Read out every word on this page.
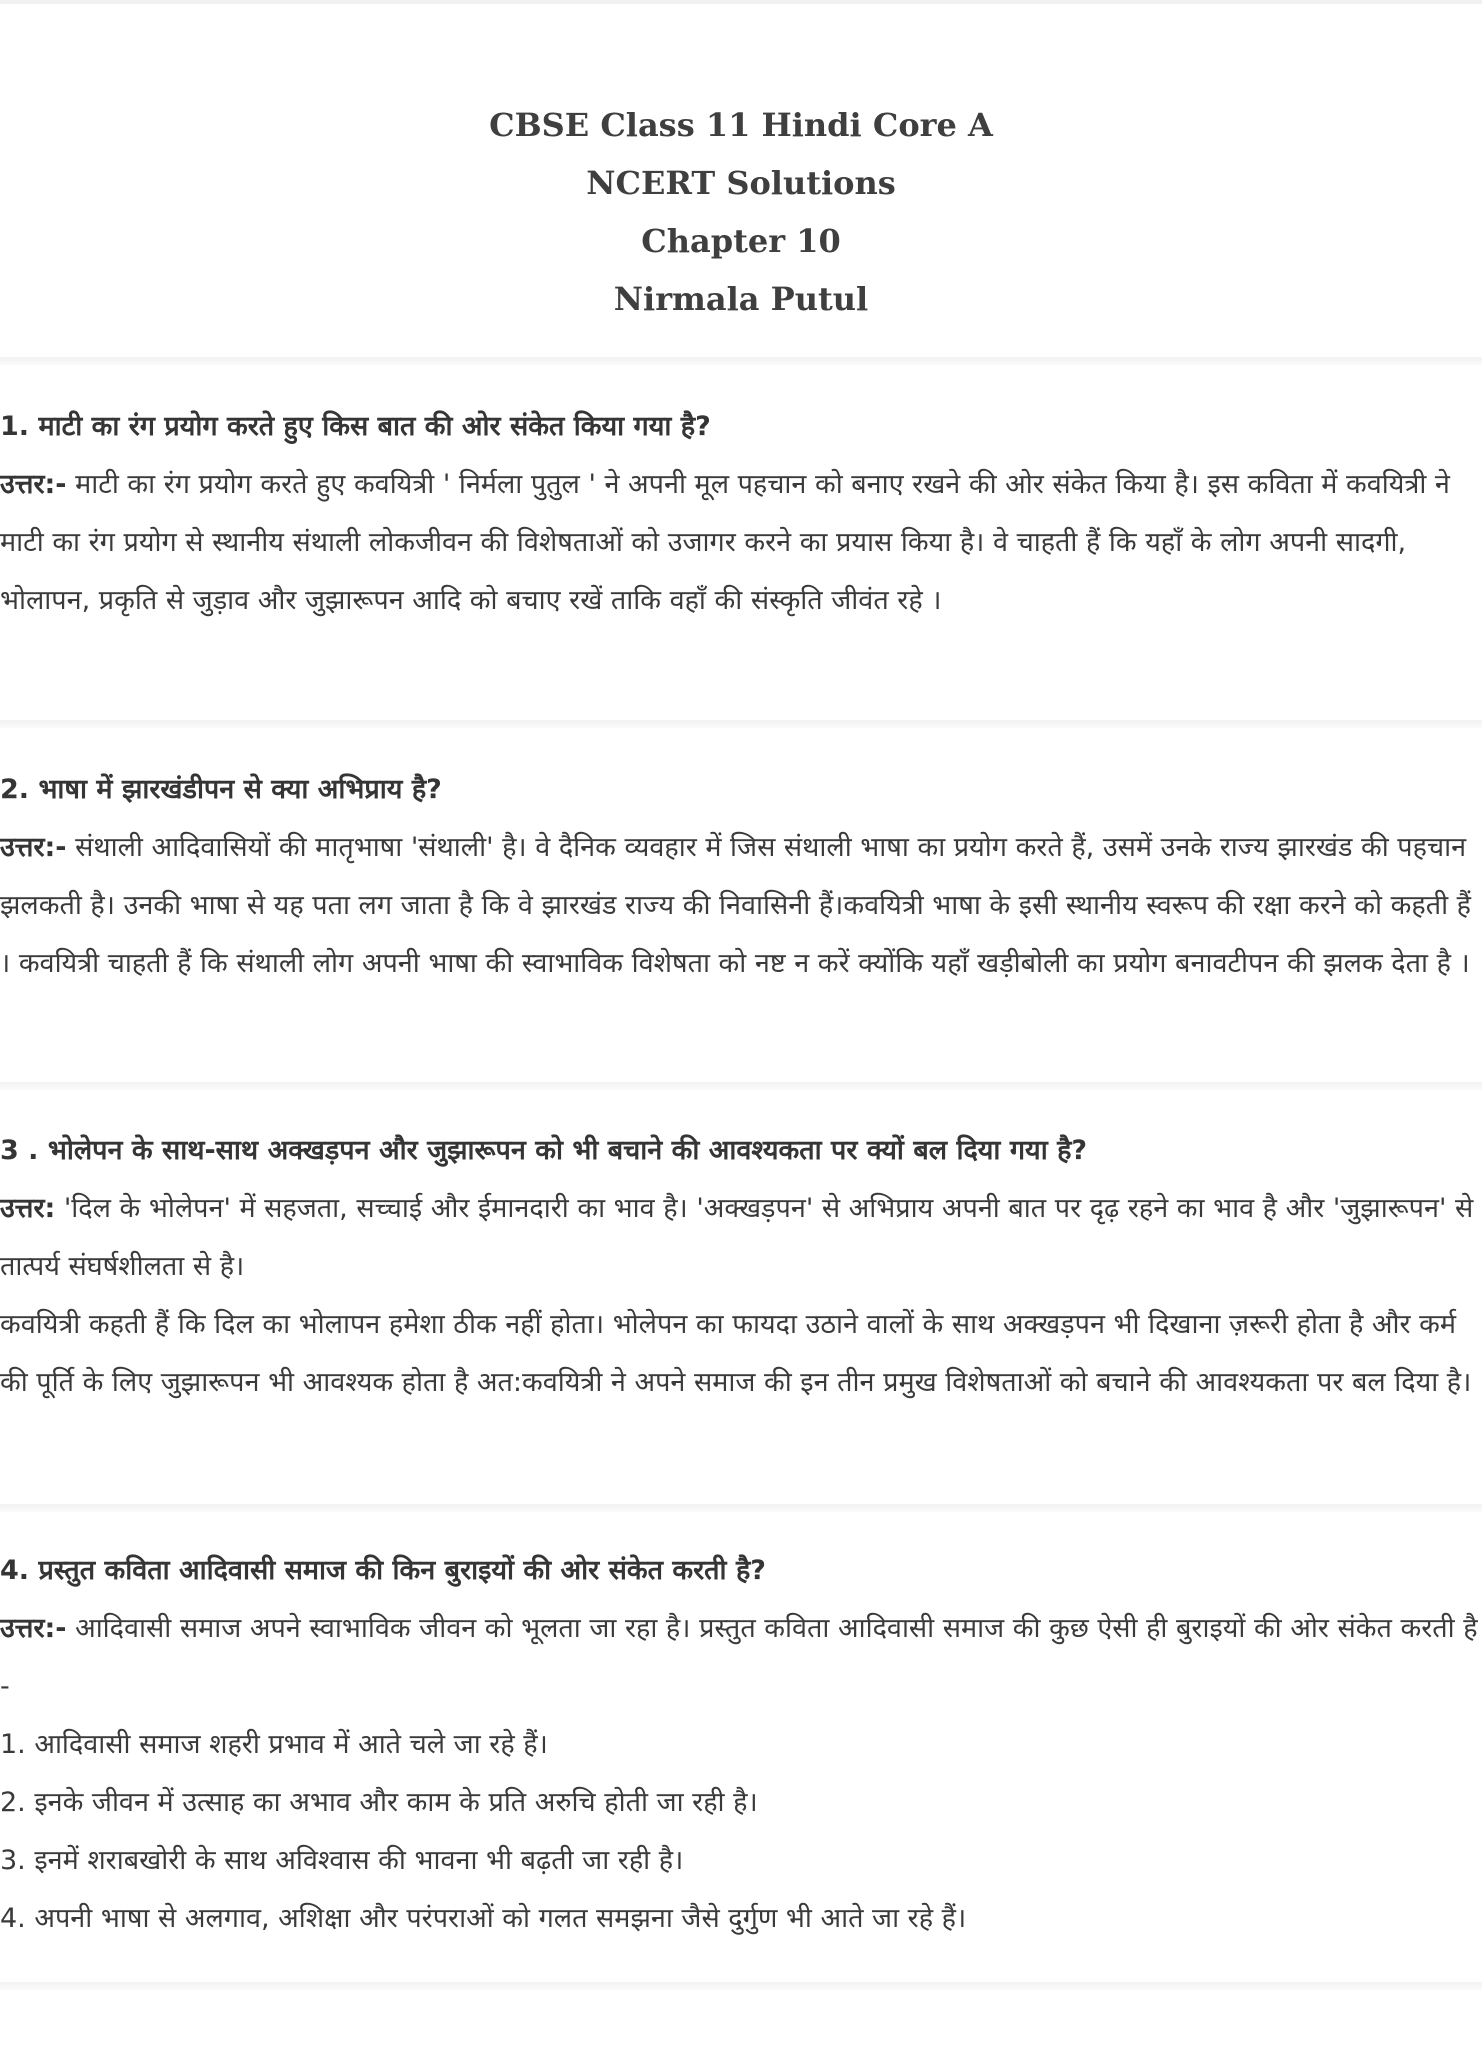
CBSE Class 11 Hindi Core A
NCERT Solutions
Chapter 10
Nirmala Putul
1. माटी का रंग प्रयोग करते हुए किस बात की ओर संकेत किया गया है?

उत्तर:- माटी का रंग प्रयोग करते हुए कवयित्री ' निर्मला पुतुल ' ने अपनी मूल पहचान को बनाए रखने की ओर संकेत किया है। इस कविता में कवयित्री ने माटी का रंग प्रयोग से स्थानीय संथाली लोकजीवन की विशेषताओं को उजागर करने का प्रयास किया है। वे चाहती हैं कि यहाँ के लोग अपनी सादगी, भोलापन, प्रकृति से जुड़ाव और जुझारूपन आदि को बचाए रखें ताकि वहाँ की संस्कृति जीवंत रहे ।

2. भाषा में झारखंडीपन से क्या अभिप्राय है?

उत्तर:- संथाली आदिवासियों की मातृभाषा 'संथाली' है। वे दैनिक व्यवहार में जिस संथाली भाषा का प्रयोग करते हैं, उसमें उनके राज्य झारखंड की पहचान झलकती है। उनकी भाषा से यह पता लग जाता है कि वे झारखंड राज्य की निवासिनी हैं।कवयित्री भाषा के इसी स्थानीय स्वरूप की रक्षा करने को कहती हैं । कवयित्री चाहती हैं कि संथाली लोग अपनी भाषा की स्वाभाविक विशेषता को नष्ट न करें क्योंकि यहाँ खड़ीबोली का प्रयोग बनावटीपन की झलक देता है ।

3 . भोलेपन के साथ-साथ अक्खड़पन और जुझारूपन को भी बचाने की आवश्यकता पर क्यों बल दिया गया है?

उत्तर: 'दिल के भोलेपन' में सहजता, सच्चाई और ईमानदारी का भाव है। 'अक्खड़पन' से अभिप्राय अपनी बात पर दृढ़ रहने का भाव है और 'जुझारूपन' से तात्पर्य संघर्षशीलता से है।

कवयित्री कहती हैं कि दिल का भोलापन हमेशा ठीक नहीं होता। भोलेपन का फायदा उठाने वालों के साथ अक्खड़पन भी दिखाना ज़रूरी होता है और कर्म की पूर्ति के लिए जुझारूपन भी आवश्यक होता है अत:कवयित्री ने अपने समाज की इन तीन प्रमुख विशेषताओं को बचाने की आवश्यकता पर बल दिया है।

4. प्रस्तुत कविता आदिवासी समाज की किन बुराइयों की ओर संकेत करती है?

उत्तर:- आदिवासी समाज अपने स्वाभाविक जीवन को भूलता जा रहा है। प्रस्तुत कविता आदिवासी समाज की कुछ ऐसी ही बुराइयों की ओर संकेत करती है -

1. आदिवासी समाज शहरी प्रभाव में आते चले जा रहे हैं।

2. इनके जीवन में उत्साह का अभाव और काम के प्रति अरुचि होती जा रही है।

3. इनमें शराबखोरी के साथ अविश्वास की भावना भी बढ़ती जा रही है।

4. अपनी भाषा से अलगाव, अशिक्षा और परंपराओं को गलत समझना जैसे दुर्गुण भी आते जा रहे हैं।
